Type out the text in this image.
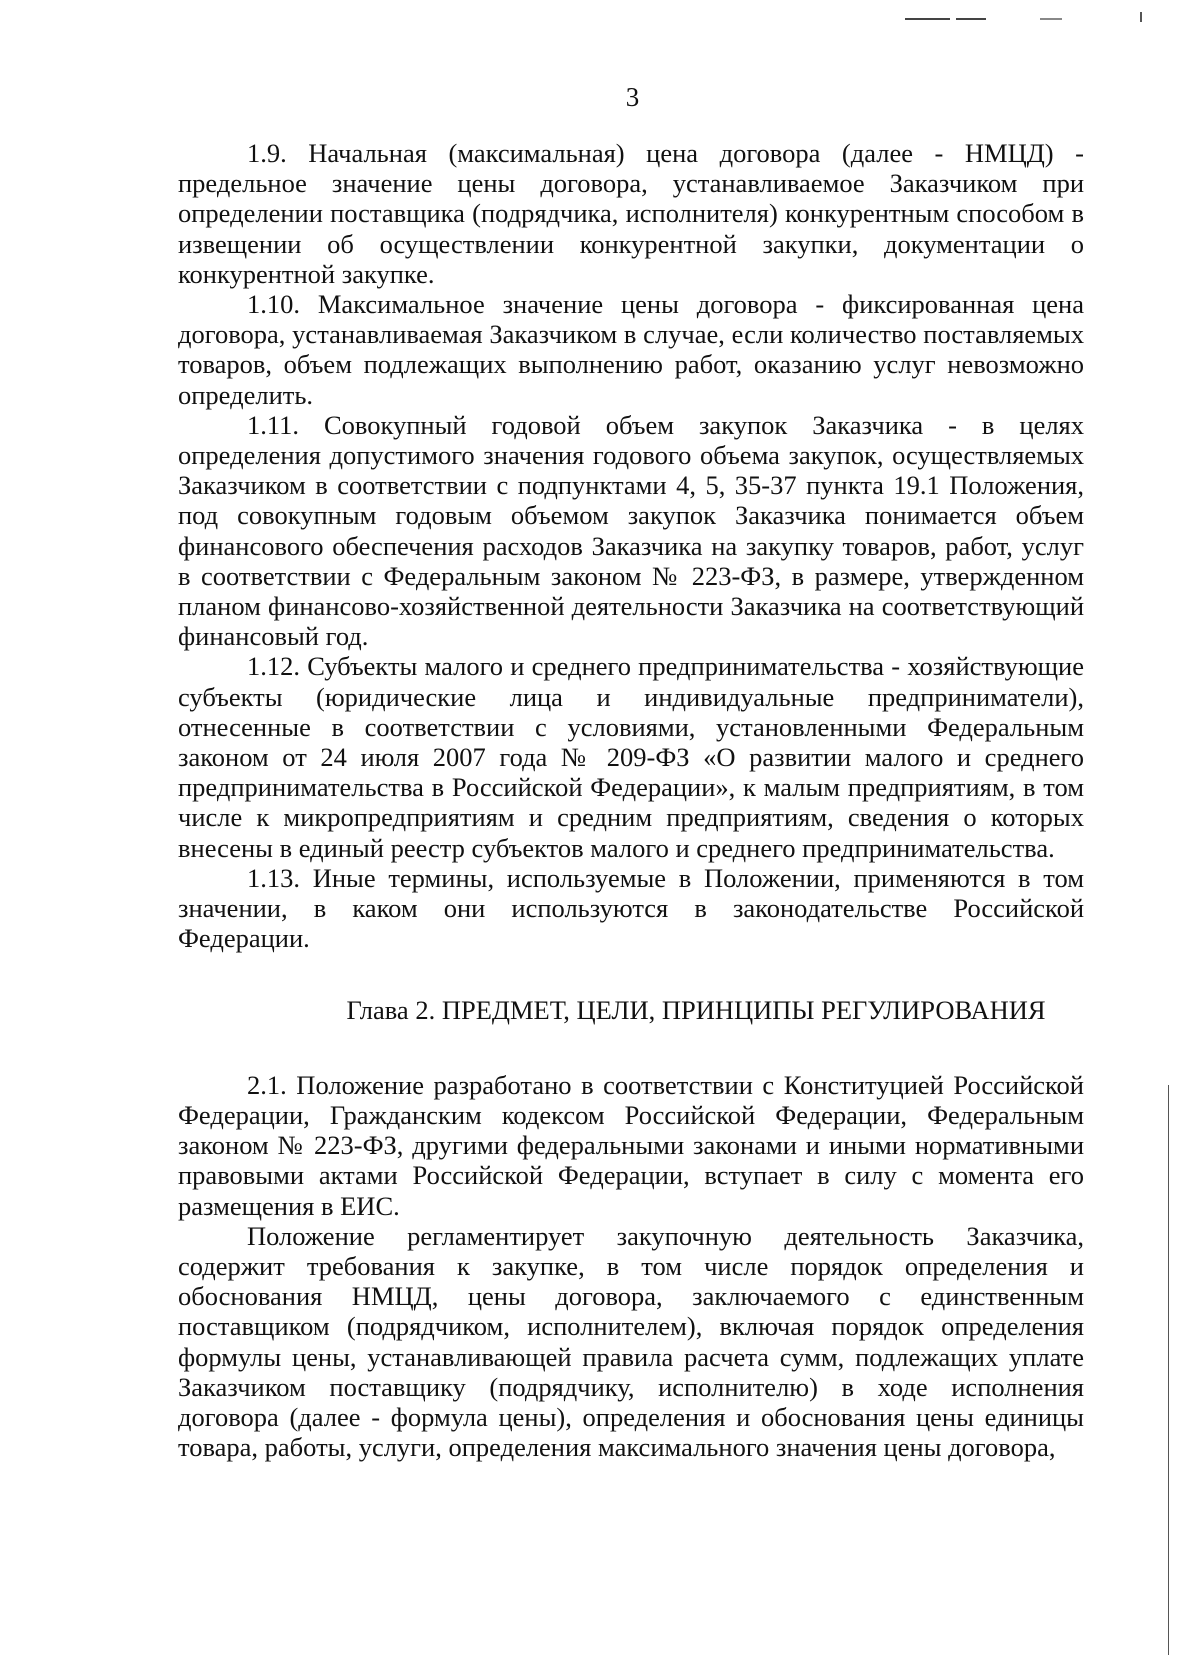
3

1.9. Начальная (максимальная) цена договора (далее - НМЦД) - предельное значение цены договора, устанавливаемое Заказчиком при определении поставщика (подрядчика, исполнителя) конкурентным способом в извещении об осуществлении конкурентной закупки, документации о конкурентной закупке.

1.10. Максимальное значение цены договора - фиксированная цена договора, устанавливаемая Заказчиком в случае, если количество поставляемых товаров, объем подлежащих выполнению работ, оказанию услуг невозможно определить.

1.11. Совокупный годовой объем закупок Заказчика - в целях определения допустимого значения годового объема закупок, осуществляемых Заказчиком в соответствии с подпунктами 4, 5, 35-37 пункта 19.1 Положения, под совокупным годовым объемом закупок Заказчика понимается объем финансового обеспечения расходов Заказчика на закупку товаров, работ, услуг в соответствии с Федеральным законом № 223-ФЗ, в размере, утвержденном планом финансово-хозяйственной деятельности Заказчика на соответствующий финансовый год.

1.12. Субъекты малого и среднего предпринимательства - хозяйствующие субъекты (юридические лица и индивидуальные предприниматели), отнесенные в соответствии с условиями, установленными Федеральным законом от 24 июля 2007 года № 209-ФЗ «О развитии малого и среднего предпринимательства в Российской Федерации», к малым предприятиям, в том числе к микропредприятиям и средним предприятиям, сведения о которых внесены в единый реестр субъектов малого и среднего предпринимательства.

1.13. Иные термины, используемые в Положении, применяются в том значении, в каком они используются в законодательстве Российской Федерации.

Глава 2. ПРЕДМЕТ, ЦЕЛИ, ПРИНЦИПЫ РЕГУЛИРОВАНИЯ

2.1. Положение разработано в соответствии с Конституцией Российской Федерации, Гражданским кодексом Российской Федерации, Федеральным законом № 223-ФЗ, другими федеральными законами и иными нормативными правовыми актами Российской Федерации, вступает в силу с момента его размещения в ЕИС.

Положение регламентирует закупочную деятельность Заказчика, содержит требования к закупке, в том числе порядок определения и обоснования НМЦД, цены договора, заключаемого с единственным поставщиком (подрядчиком, исполнителем), включая порядок определения формулы цены, устанавливающей правила расчета сумм, подлежащих уплате Заказчиком поставщику (подрядчику, исполнителю) в ходе исполнения договора (далее - формула цены), определения и обоснования цены единицы товара, работы, услуги, определения максимального значения цены договора,
